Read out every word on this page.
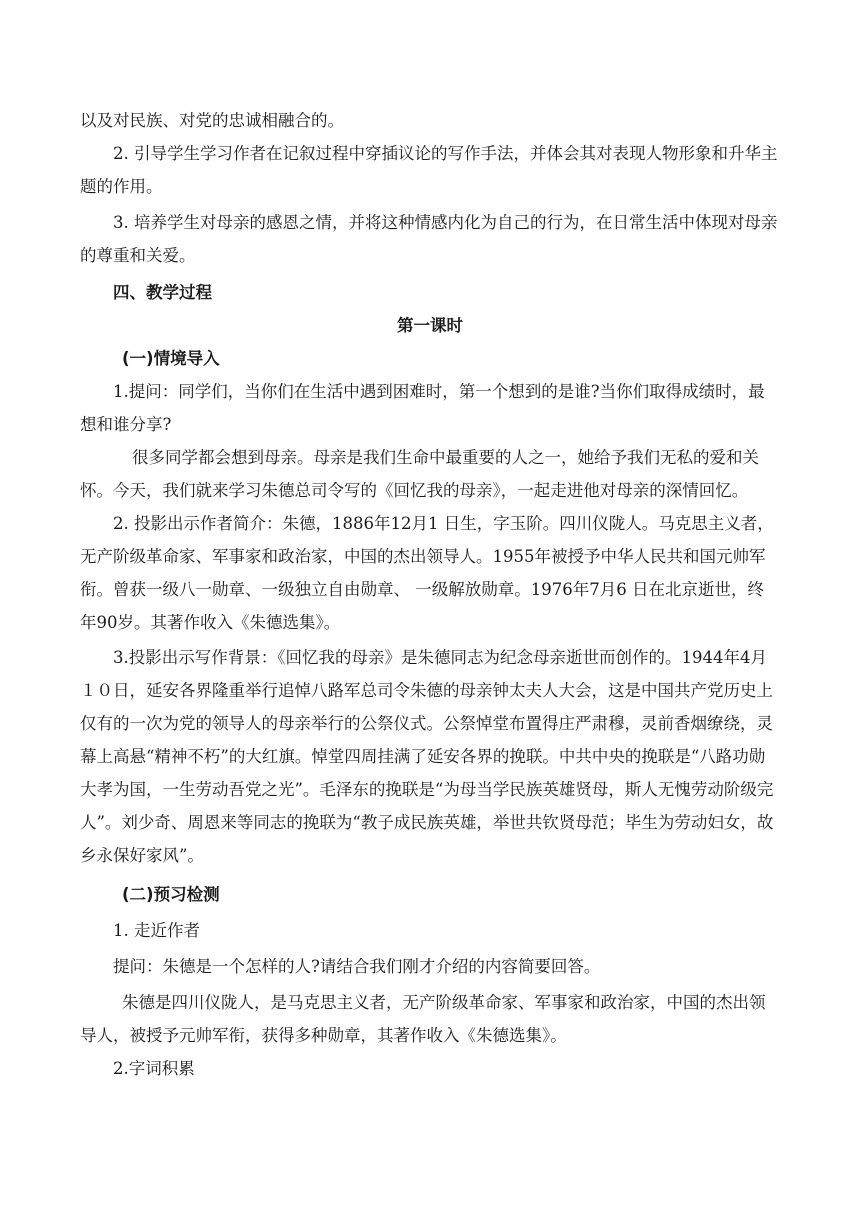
以及对民族、对党的忠诚相融合的。

2. 引导学生学习作者在记叙过程中穿插议论的写作手法，并体会其对表现人物形象和升华主题的作用。

3. 培养学生对母亲的感恩之情，并将这种情感内化为自己的行为，在日常生活中体现对母亲的尊重和关爱。

四、教学过程

第一课时

(一)情境导入

1.提问：同学们，当你们在生活中遇到困难时，第一个想到的是谁?当你们取得成绩时，最想和谁分享?

很多同学都会想到母亲。母亲是我们生命中最重要的人之一，她给予我们无私的爱和关怀。今天，我们就来学习朱德总司令写的《回忆我的母亲》，一起走进他对母亲的深情回忆。

2. 投影出示作者简介：朱德，1886年12月1 日生，字玉阶。四川仪陇人。马克思主义者，无产阶级革命家、军事家和政治家，中国的杰出领导人。1955年被授予中华人民共和国元帅军衔。曾获一级八一勋章、一级独立自由勋章、 一级解放勋章。1976年7月6 日在北京逝世，终年90岁。其著作收入《朱德选集》。

3.投影出示写作背景：《回忆我的母亲》是朱德同志为纪念母亲逝世而创作的。1944年4月１０日，延安各界隆重举行追悼八路军总司令朱德的母亲钟太夫人大会，这是中国共产党历史上仅有的一次为党的领导人的母亲举行的公祭仪式。公祭悼堂布置得庄严肃穆，灵前香烟缭绕，灵幕上高悬“精神不朽”的大红旗。悼堂四周挂满了延安各界的挽联。中共中央的挽联是“八路功勋大孝为国，一生劳动吾党之光”。毛泽东的挽联是“为母当学民族英雄贤母，斯人无愧劳动阶级完人”。刘少奇、周恩来等同志的挽联为“教子成民族英雄，举世共钦贤母范；毕生为劳动妇女，故乡永保好家风”。

(二)预习检测

1. 走近作者

提问：朱德是一个怎样的人?请结合我们刚才介绍的内容简要回答。

朱德是四川仪陇人，是马克思主义者，无产阶级革命家、军事家和政治家，中国的杰出领导人，被授予元帅军衔，获得多种勋章，其著作收入《朱德选集》。

2.字词积累
